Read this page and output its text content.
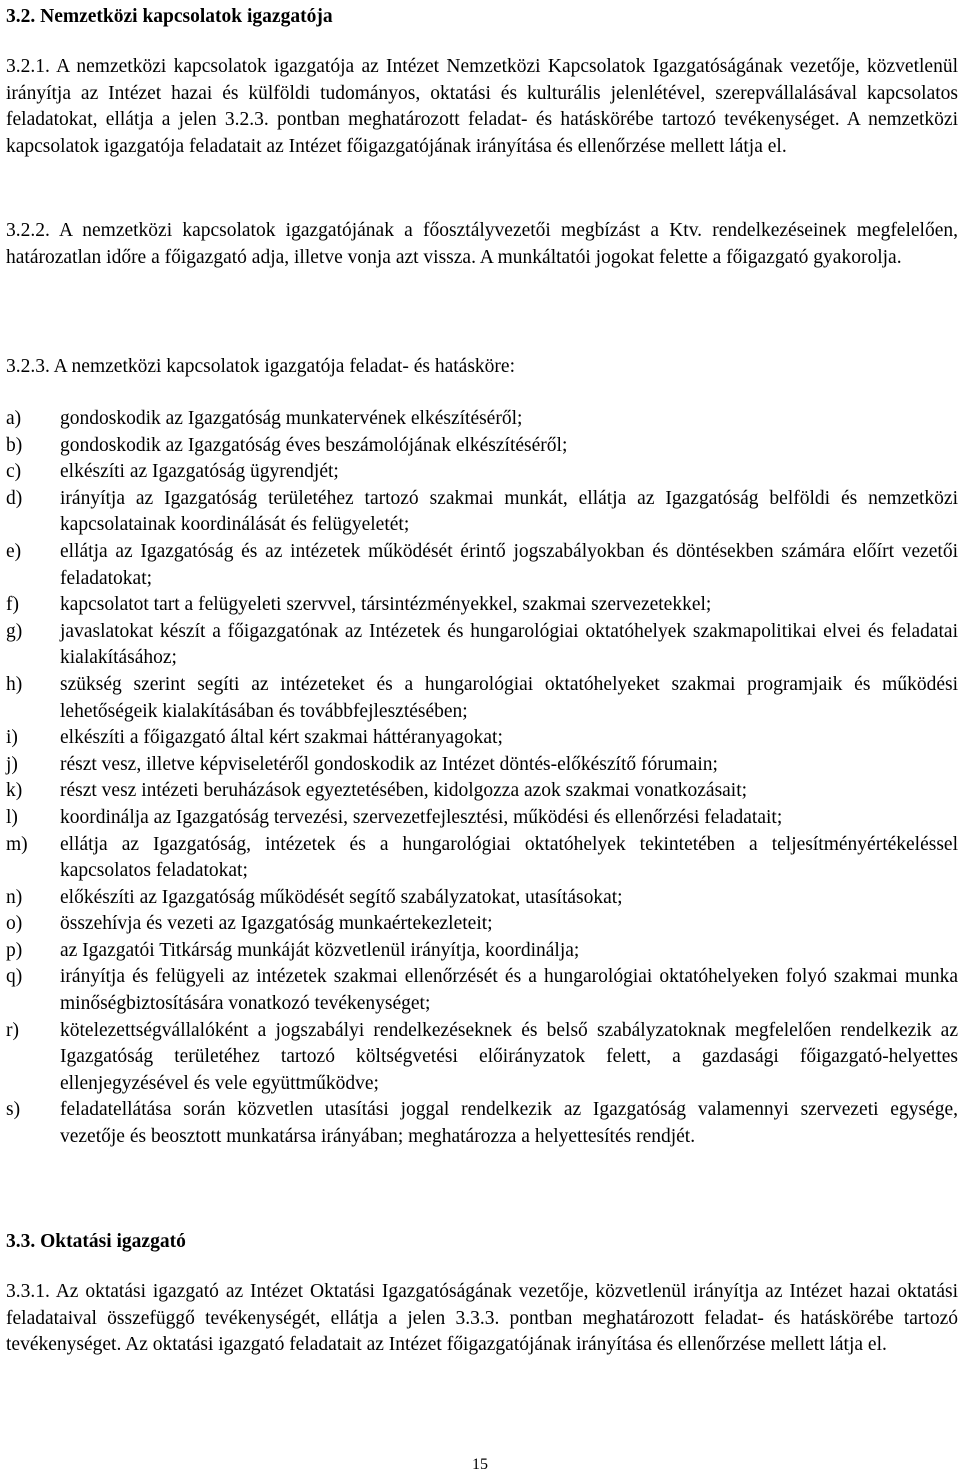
3.2. Nemzetközi kapcsolatok igazgatója

3.2.1. A nemzetközi kapcsolatok igazgatója az Intézet Nemzetközi Kapcsolatok Igazgatóságának vezetője, közvetlenül irányítja az Intézet hazai és külföldi tudományos, oktatási és kulturális jelenlétével, szerepvállalásával kapcsolatos feladatokat, ellátja a jelen 3.2.3. pontban meghatározott feladat- és hatáskörébe tartozó tevékenységet. A nemzetközi kapcsolatok igazgatója feladatait az Intézet főigazgatójának irányítása és ellenőrzése mellett látja el.

3.2.2. A nemzetközi kapcsolatok igazgatójának a főosztályvezetői megbízást a Ktv. rendelkezéseinek megfelelően, határozatlan időre a főigazgató adja, illetve vonja azt vissza. A munkáltatói jogokat felette a főigazgató gyakorolja.

3.2.3. A nemzetközi kapcsolatok igazgatója feladat- és hatásköre:

a)	gondoskodik az Igazgatóság munkatervének elkészítéséről;
b)	gondoskodik az Igazgatóság éves beszámolójának elkészítéséről;
c)	elkészíti az Igazgatóság ügyrendjét;
d)	irányítja az Igazgatóság területéhez tartozó szakmai munkát, ellátja az Igazgatóság belföldi és nemzetközi kapcsolatainak koordinálását és felügyeletét;
e)	ellátja az Igazgatóság és az intézetek működését érintő jogszabályokban és döntésekben számára előírt vezetői feladatokat;
f)	kapcsolatot tart a felügyeleti szervvel, társintézményekkel, szakmai szervezetekkel;
g)	javaslatokat készít a főigazgatónak az Intézetek és hungarológiai oktatóhelyek szakmapolitikai elvei és feladatai kialakításához;
h)	szükség szerint segíti az intézeteket és a hungarológiai oktatóhelyeket szakmai programjaik és működési lehetőségeik kialakításában és továbbfejlesztésében;
i)	elkészíti a főigazgató által kért szakmai háttéranyagokat;
j)	részt vesz, illetve képviseletéről gondoskodik az Intézet döntés-előkészítő fórumain;
k)	részt vesz intézeti beruházások egyeztetésében, kidolgozza azok szakmai vonatkozásait;
l)	koordinálja az Igazgatóság tervezési, szervezetfejlesztési, működési és ellenőrzési feladatait;
m)	ellátja az Igazgatóság, intézetek és a hungarológiai oktatóhelyek tekintetében a teljesítményértékeléssel kapcsolatos feladatokat;
n)	előkészíti az Igazgatóság működését segítő szabályzatokat, utasításokat;
o)	összehívja és vezeti az Igazgatóság munkaértekezleteit;
p)	az Igazgatói Titkárság munkáját közvetlenül irányítja, koordinálja;
q)	irányítja és felügyeli az intézetek szakmai ellenőrzését és a hungarológiai oktatóhelyeken folyó szakmai munka minőségbiztosítására vonatkozó tevékenységet;
r)	kötelezettségvállalóként a jogszabályi rendelkezéseknek és belső szabályzatoknak megfelelően rendelkezik az Igazgatóság területéhez tartozó költségvetési előirányzatok felett, a gazdasági főigazgató-helyettes ellenjegyzésével és vele együttműködve;
s)	feladatellátása során közvetlen utasítási joggal rendelkezik az Igazgatóság valamennyi szervezeti egysége, vezetője és beosztott munkatársa irányában; meghatározza a helyettesítés rendjét.
3.3. Oktatási igazgató

3.3.1. Az oktatási igazgató az Intézet Oktatási Igazgatóságának vezetője, közvetlenül irányítja az Intézet hazai oktatási feladataival összefüggő tevékenységét, ellátja a jelen 3.3.3. pontban meghatározott feladat- és hatáskörébe tartozó tevékenységet. Az oktatási igazgató feladatait az Intézet főigazgatójának irányítása és ellenőrzése mellett látja el.

15
